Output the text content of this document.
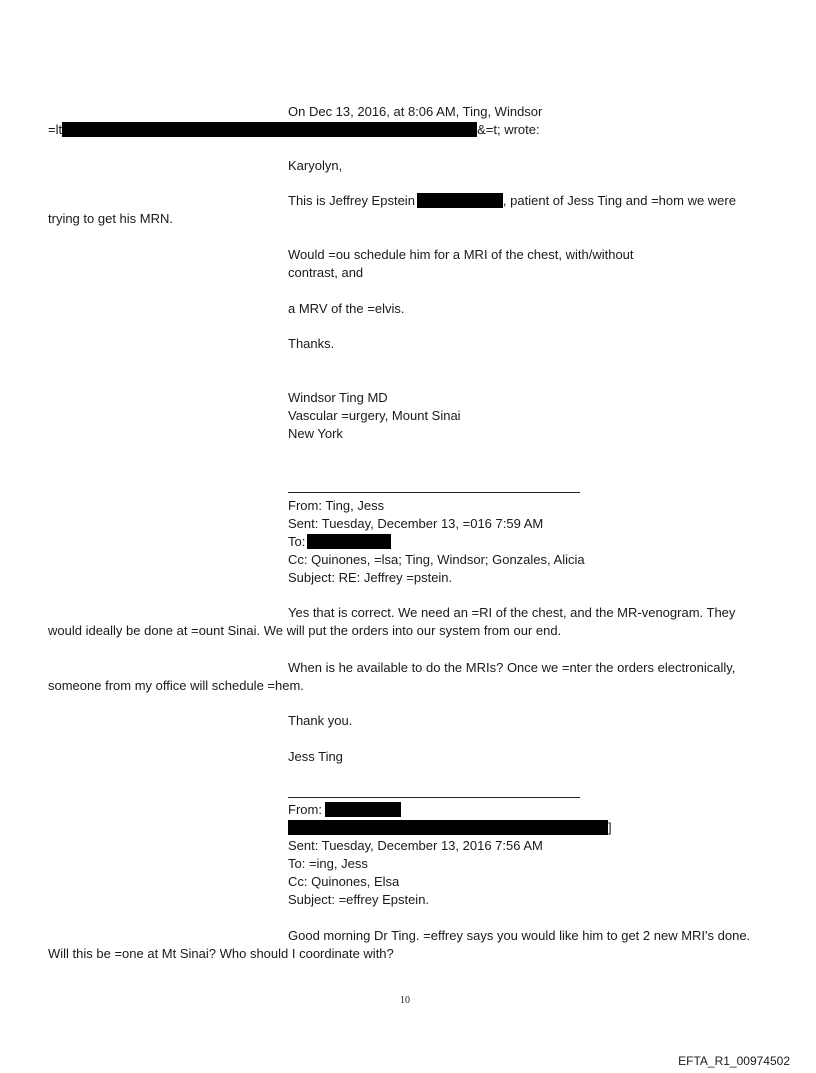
On Dec 13, 2016, at 8:06 AM, Ting, Windsor
=lt	&=t; wrote:
Karyolyn,
This is Jeffrey Epstein	, patient of Jess Ting and =hom we were
trying to get his MRN.
Would =ou schedule him for a MRI of the chest, with/without
contrast, and
a MRV of the =elvis.
Thanks.
Windsor Ting MD
Vascular =urgery, Mount Sinai
New York
From: Ting, Jess
Sent: Tuesday, December 13, =016 7:59 AM
To:
Cc: Quinones, =lsa; Ting, Windsor; Gonzales, Alicia
Subject: RE: Jeffrey =pstein.
Yes that is correct. We need an =RI of the chest, and the MR-venogram. They
would ideally be done at =ount Sinai. We will put the orders into our system from our end.
When is he available to do the MRIs? Once we =nter the orders electronically,
someone from my office will schedule =hem.
Thank you.
Jess Ting
From:
]
Sent: Tuesday, December 13, 2016 7:56 AM
To: =ing, Jess
Cc: Quinones, Elsa
Subject: =effrey Epstein.
Good morning Dr Ting. =effrey says you would like him to get 2 new MRI's done.
Will this be =one at Mt Sinai? Who should I coordinate with?
10
EFTA_R1_00974502
